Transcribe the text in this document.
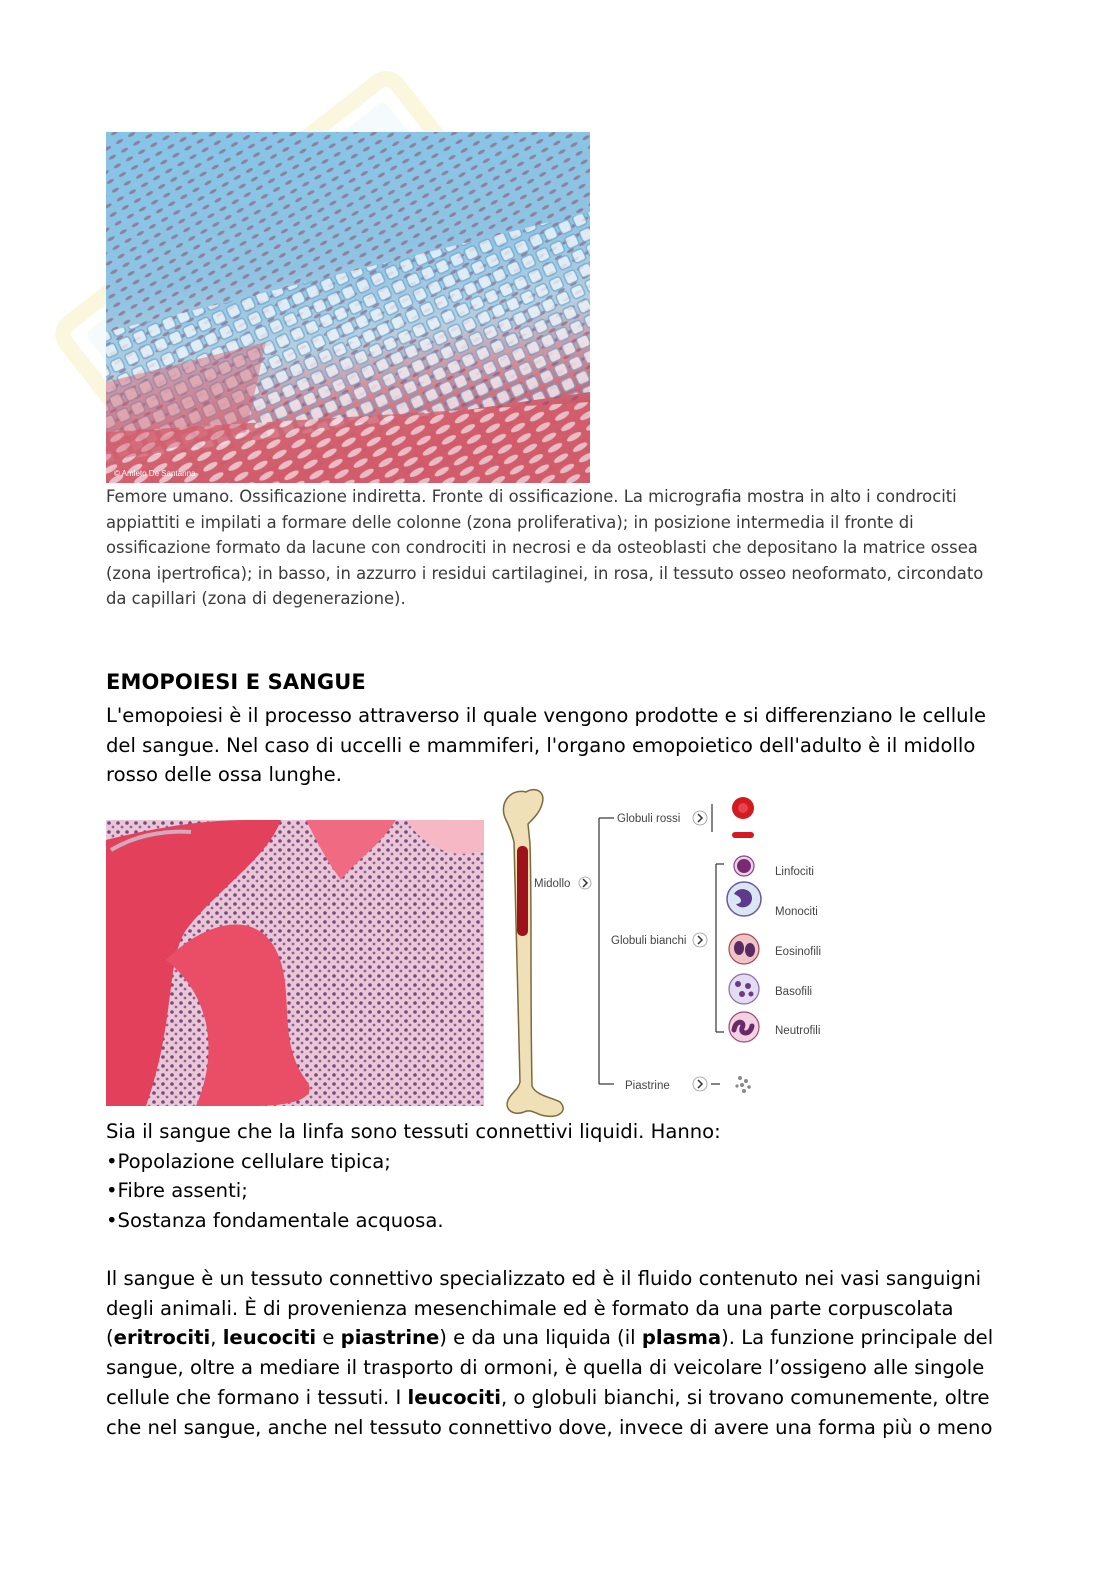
© Amleto De Santanna

Femore umano. Ossificazione indiretta. Fronte di ossificazione. La micrografia mostra in alto i condrociti

appiattiti e impilati a formare delle colonne (zona proliferativa); in posizione intermedia il fronte di

ossificazione formato da lacune con condrociti in necrosi e da osteoblasti che depositano la matrice ossea

(zona ipertrofica); in basso, in azzurro i residui cartilaginei, in rosa, il tessuto osseo neoformato, circondato

da capillari (zona di degenerazione).

EMOPOIESI E SANGUE
L'emopoiesi è il processo attraverso il quale vengono prodotte e si differenziano le cellule
del sangue. Nel caso di uccelli e mammiferi, l'organo emopoietico dell'adulto è il midollo
rosso delle ossa lunghe.
Midollo
Globuli rossi
Globuli bianchi
Linfociti
Monociti
Eosinofili
Basofili
Neutrofili
Piastrine

Sia il sangue che la linfa sono tessuti connettivi liquidi. Hanno:

•Popolazione cellulare tipica;

•Fibre assenti;

•Sostanza fondamentale acquosa.

Il sangue è un tessuto connettivo specializzato ed è il fluido contenuto nei vasi sanguigni

degli animali. È di provenienza mesenchimale ed è formato da una parte corpuscolata

(eritrociti, leucociti e piastrine) e da una liquida (il plasma). La funzione principale del

sangue, oltre a mediare il trasporto di ormoni, è quella di veicolare l’ossigeno alle singole

cellule che formano i tessuti. I leucociti, o globuli bianchi, si trovano comunemente, oltre

che nel sangue, anche nel tessuto connettivo dove, invece di avere una forma più o meno
